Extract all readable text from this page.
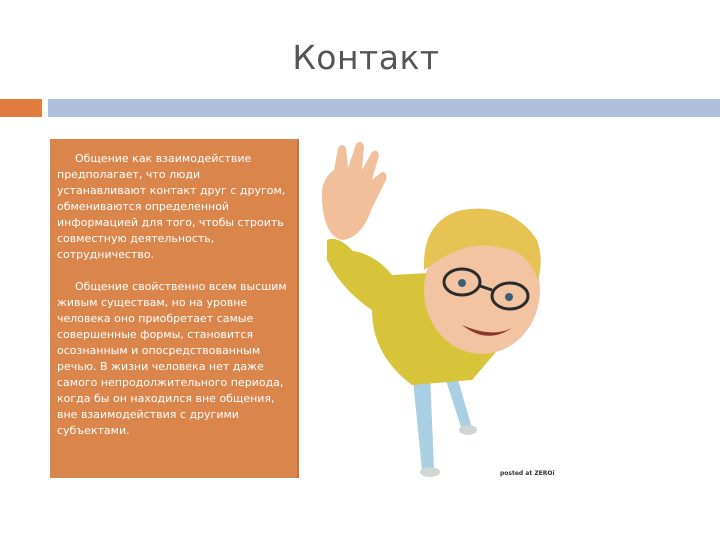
Контакт

Общение как взаимодействие предполагает, что люди устанавливают контакт друг с другом, обмениваются определенной информацией для того, чтобы строить совместную деятельность, сотрудничество.

Общение свойственно всем высшим живым существам, но на уровне человека оно приобретает самые совершенные формы, становится осознанным и опосредствованным речью. В жизни человека нет даже самого непродолжительного периода, когда бы он находился вне общения, вне взаимодействия с другими субъектами.

posted at ZEROi
